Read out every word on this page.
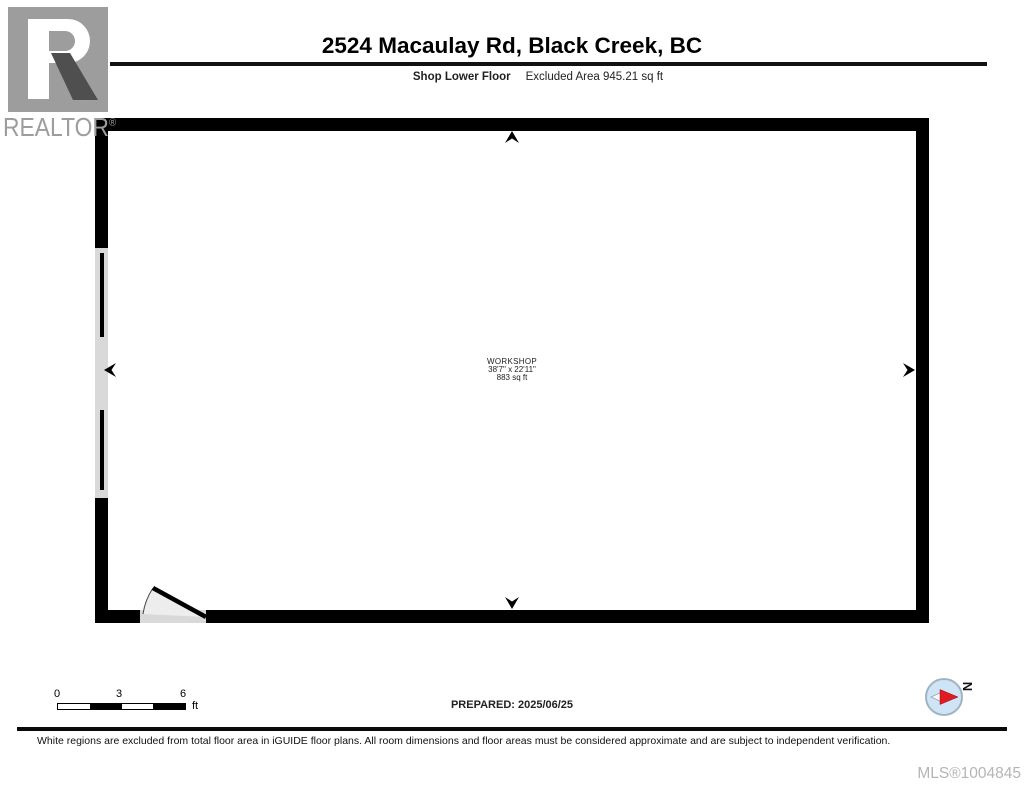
REALTOR®
2524 Macaulay Rd, Black Creek, BC
Shop Lower Floor Excluded Area 945.21 sq ft
WORKSHOP
38'7" x 22'11"
883 sq ft
0	3	6
ft	PREPARED: 2025/06/25
N
White regions are excluded from total floor area in iGUIDE floor plans. All room dimensions and floor areas must be considered approximate and are subject to independent verification.
MLS®1004845
